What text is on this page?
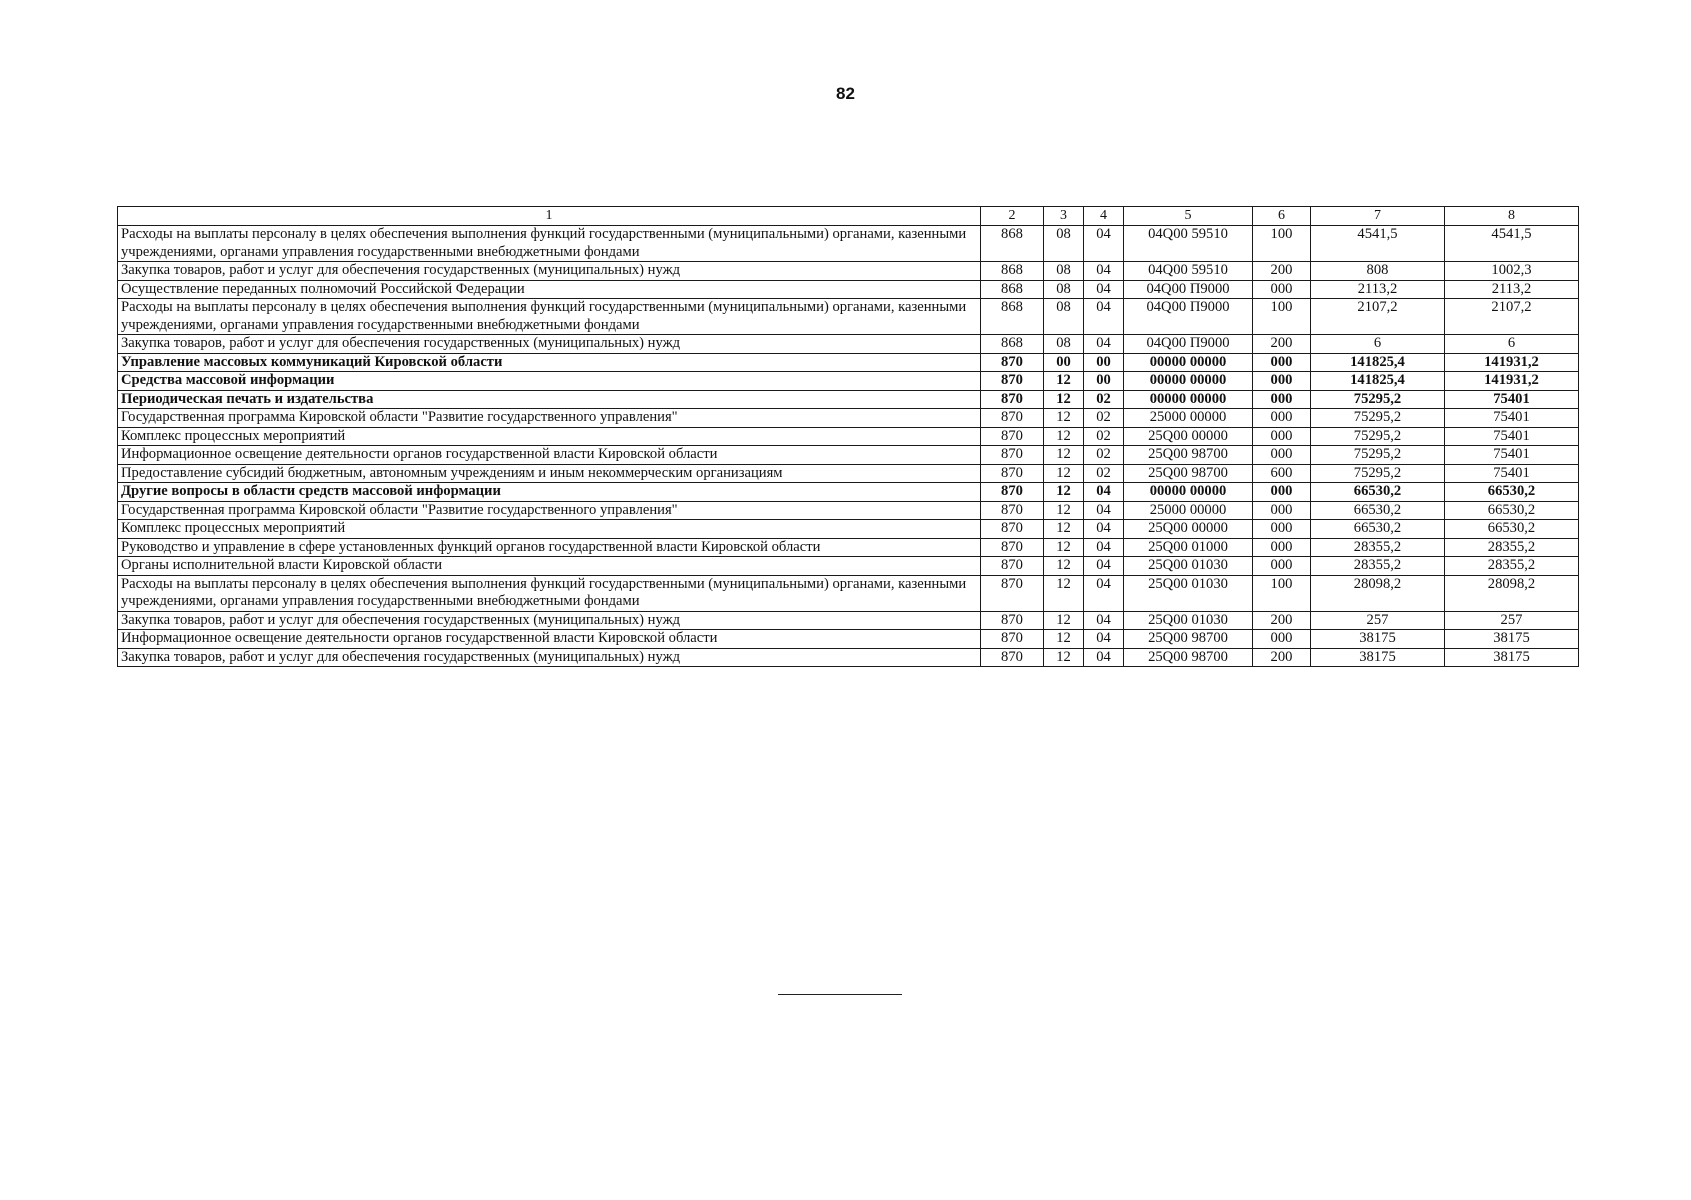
82
1	2	3	4	5	6	7	8
Расходы на выплаты персоналу в целях обеспечения выполнения функций государственными (муниципальными) органами, казенными учреждениями, органами управления государственными внебюджетными фондами	868	08	04	04Q00 59510	100	4541,5	4541,5
Закупка товаров, работ и услуг для обеспечения государственных (муниципальных) нужд	868	08	04	04Q00 59510	200	808	1002,3
Осуществление переданных полномочий Российской Федерации	868	08	04	04Q00 П9000	000	2113,2	2113,2
Расходы на выплаты персоналу в целях обеспечения выполнения функций государственными (муниципальными) органами, казенными учреждениями, органами управления государственными внебюджетными фондами	868	08	04	04Q00 П9000	100	2107,2	2107,2
Закупка товаров, работ и услуг для обеспечения государственных (муниципальных) нужд	868	08	04	04Q00 П9000	200	6	6
Управление массовых коммуникаций Кировской области	870	00	00	00000 00000	000	141825,4	141931,2
Средства массовой информации	870	12	00	00000 00000	000	141825,4	141931,2
Периодическая печать и издательства	870	12	02	00000 00000	000	75295,2	75401
Государственная программа Кировской области "Развитие государственного управления"	870	12	02	25000 00000	000	75295,2	75401
Комплекс процессных мероприятий	870	12	02	25Q00 00000	000	75295,2	75401
Информационное освещение деятельности органов государственной власти Кировской области	870	12	02	25Q00 98700	000	75295,2	75401
Предоставление субсидий бюджетным, автономным учреждениям и иным некоммерческим организациям	870	12	02	25Q00 98700	600	75295,2	75401
Другие вопросы в области средств массовой информации	870	12	04	00000 00000	000	66530,2	66530,2
Государственная программа Кировской области "Развитие государственного управления"	870	12	04	25000 00000	000	66530,2	66530,2
Комплекс процессных мероприятий	870	12	04	25Q00 00000	000	66530,2	66530,2
Руководство и управление в сфере установленных функций органов государственной власти Кировской области	870	12	04	25Q00 01000	000	28355,2	28355,2
Органы исполнительной власти Кировской области	870	12	04	25Q00 01030	000	28355,2	28355,2
Расходы на выплаты персоналу в целях обеспечения выполнения функций государственными (муниципальными) органами, казенными учреждениями, органами управления государственными внебюджетными фондами	870	12	04	25Q00 01030	100	28098,2	28098,2
Закупка товаров, работ и услуг для обеспечения государственных (муниципальных) нужд	870	12	04	25Q00 01030	200	257	257
Информационное освещение деятельности органов государственной власти Кировской области	870	12	04	25Q00 98700	000	38175	38175
Закупка товаров, работ и услуг для обеспечения государственных (муниципальных) нужд	870	12	04	25Q00 98700	200	38175	38175
